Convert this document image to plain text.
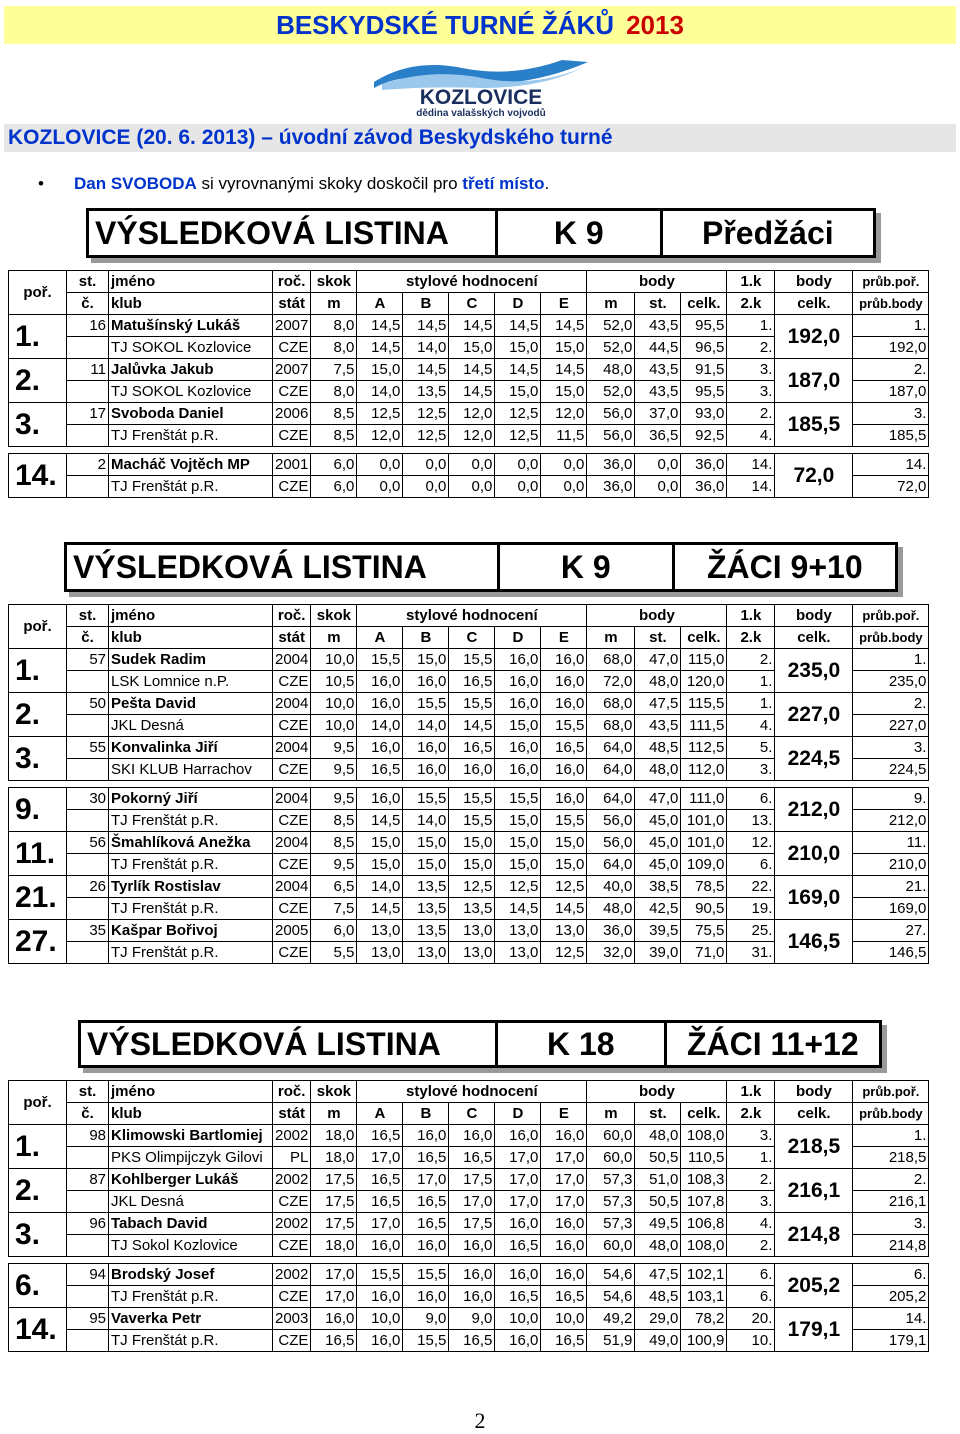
BESKYDSKÉ TURNÉ ŽÁKŮ 2013
KOZLOVICE
dědina valašských vojvodů
KOZLOVICE (20. 6. 2013) – úvodní závod Beskydského turné
• Dan SVOBODA si vyrovnanými skoky doskočil pro třetí místo.
VÝSLEDKOVÁ LISTINA	K 9	Předžáci
poř.	st.	jméno	roč.	skok	stylové hodnocení					body			1.k	body	průb.poř.
	č.	klub	stát	m	A	B	C	D	E	m	st.	celk.	2.k	celk.	průb.body
1.	16	Matušínský Lukáš	2007	8,0	14,5	14,5	14,5	14,5	14,5	52,0	43,5	95,5	1.	192,0	1.
		TJ SOKOL Kozlovice	CZE	8,0	14,5	14,0	15,0	15,0	15,0	52,0	44,5	96,5	2.		192,0
2.	11	Jalůvka Jakub	2007	7,5	15,0	14,5	14,5	14,5	14,5	48,0	43,5	91,5	3.	187,0	2.
		TJ SOKOL Kozlovice	CZE	8,0	14,0	13,5	14,5	15,0	15,0	52,0	43,5	95,5	3.		187,0
3.	17	Svoboda Daniel	2006	8,5	12,5	12,5	12,0	12,5	12,0	56,0	37,0	93,0	2.	185,5	3.
		TJ Frenštát p.R.	CZE	8,5	12,0	12,5	12,0	12,5	11,5	56,0	36,5	92,5	4.		185,5

14.	2	Macháč Vojtěch MP	2001	6,0	0,0	0,0	0,0	0,0	0,0	36,0	0,0	36,0	14.	72,0	14.
		TJ Frenštát p.R.	CZE	6,0	0,0	0,0	0,0	0,0	0,0	36,0	0,0	36,0	14.		72,0
VÝSLEDKOVÁ LISTINA	K 9	ŽÁCI 9+10
poř.	st.	jméno	roč.	skok	stylové hodnocení					body			1.k	body	průb.poř.
	č.	klub	stát	m	A	B	C	D	E	m	st.	celk.	2.k	celk.	průb.body
1.	57	Sudek Radim	2004	10,0	15,5	15,0	15,5	16,0	16,0	68,0	47,0	115,0	2.	235,0	1.
		LSK Lomnice n.P.	CZE	10,5	16,0	16,0	16,5	16,0	16,0	72,0	48,0	120,0	1.		235,0
2.	50	Pešta David	2004	10,0	16,0	15,5	15,5	16,0	16,0	68,0	47,5	115,5	1.	227,0	2.
		JKL Desná	CZE	10,0	14,0	14,0	14,5	15,0	15,5	68,0	43,5	111,5	4.		227,0
3.	55	Konvalinka Jiří	2004	9,5	16,0	16,0	16,5	16,0	16,5	64,0	48,5	112,5	5.	224,5	3.
		SKI KLUB Harrachov	CZE	9,5	16,5	16,0	16,0	16,0	16,0	64,0	48,0	112,0	3.		224,5

9.	30	Pokorný Jiří	2004	9,5	16,0	15,5	15,5	15,5	16,0	64,0	47,0	111,0	6.	212,0	9.
		TJ Frenštát p.R.	CZE	8,5	14,5	14,0	15,5	15,0	15,5	56,0	45,0	101,0	13.		212,0
11.	56	Šmahlíková Anežka	2004	8,5	15,0	15,0	15,0	15,0	15,0	56,0	45,0	101,0	12.	210,0	11.
		TJ Frenštát p.R.	CZE	9,5	15,0	15,0	15,0	15,0	15,0	64,0	45,0	109,0	6.		210,0
21.	26	Tyrlík Rostislav	2004	6,5	14,0	13,5	12,5	12,5	12,5	40,0	38,5	78,5	22.	169,0	21.
		TJ Frenštát p.R.	CZE	7,5	14,5	13,5	13,5	14,5	14,5	48,0	42,5	90,5	19.		169,0
27.	35	Kašpar Bořivoj	2005	6,0	13,0	13,5	13,0	13,0	13,0	36,0	39,5	75,5	25.	146,5	27.
		TJ Frenštát p.R.	CZE	5,5	13,0	13,0	13,0	13,0	12,5	32,0	39,0	71,0	31.		146,5
VÝSLEDKOVÁ LISTINA	K 18	ŽÁCI 11+12
poř.	st.	jméno	roč.	skok	stylové hodnocení					body			1.k	body	průb.poř.
	č.	klub	stát	m	A	B	C	D	E	m	st.	celk.	2.k	celk.	průb.body
1.	98	Klimowski Bartlomiej	2002	18,0	16,5	16,0	16,0	16,0	16,0	60,0	48,0	108,0	3.	218,5	1.
		PKS Olimpijczyk Gilovi	PL	18,0	17,0	16,5	16,5	17,0	17,0	60,0	50,5	110,5	1.		218,5
2.	87	Kohlberger Lukáš	2002	17,5	16,5	17,0	17,5	17,0	17,0	57,3	51,0	108,3	2.	216,1	2.
		JKL Desná	CZE	17,5	16,5	16,5	17,0	17,0	17,0	57,3	50,5	107,8	3.		216,1
3.	96	Tabach David	2002	17,5	17,0	16,5	17,5	16,0	16,0	57,3	49,5	106,8	4.	214,8	3.
		TJ Sokol Kozlovice	CZE	18,0	16,0	16,0	16,0	16,5	16,0	60,0	48,0	108,0	2.		214,8

6.	94	Brodský Josef	2002	17,0	15,5	15,5	16,0	16,0	16,0	54,6	47,5	102,1	6.	205,2	6.
		TJ Frenštát p.R.	CZE	17,0	16,0	16,0	16,0	16,5	16,5	54,6	48,5	103,1	6.		205,2
14.	95	Vaverka Petr	2003	16,0	10,0	9,0	9,0	10,0	10,0	49,2	29,0	78,2	20.	179,1	14.
		TJ Frenštát p.R.	CZE	16,5	16,0	15,5	16,5	16,0	16,5	51,9	49,0	100,9	10.		179,1
2
